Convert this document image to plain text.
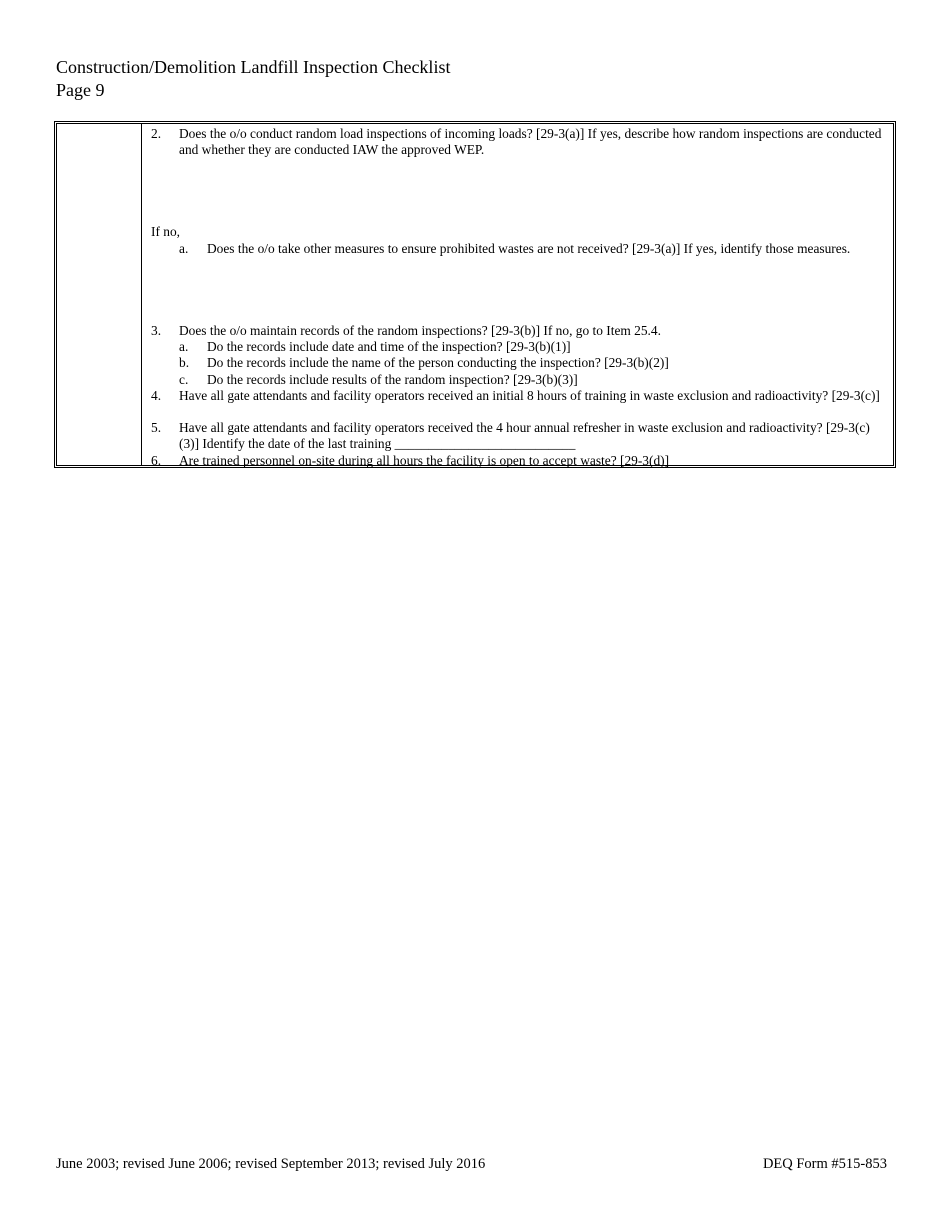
Construction/Demolition Landfill Inspection Checklist
Page 9
2. Does the o/o conduct random load inspections of incoming loads? [29-3(a)] If yes, describe how random inspections are conducted and whether they are conducted IAW the approved WEP.
If no,
a. Does the o/o take other measures to ensure prohibited wastes are not received? [29-3(a)] If yes, identify those measures.
3. Does the o/o maintain records of the random inspections? [29-3(b)] If no, go to Item 25.4.
a. Do the records include date and time of the inspection? [29-3(b)(1)]
b. Do the records include the name of the person conducting the inspection? [29-3(b)(2)]
c. Do the records include results of the random inspection? [29-3(b)(3)]
4. Have all gate attendants and facility operators received an initial 8 hours of training in waste exclusion and radioactivity? [29-3(c)]
5. Have all gate attendants and facility operators received the 4 hour annual refresher in waste exclusion and radioactivity? [29-3(c)(3)] Identify the date of the last training ___________________________
6. Are trained personnel on-site during all hours the facility is open to accept waste? [29-3(d)]
June 2003; revised June 2006; revised September 2013; revised July 2016	DEQ Form #515-853
